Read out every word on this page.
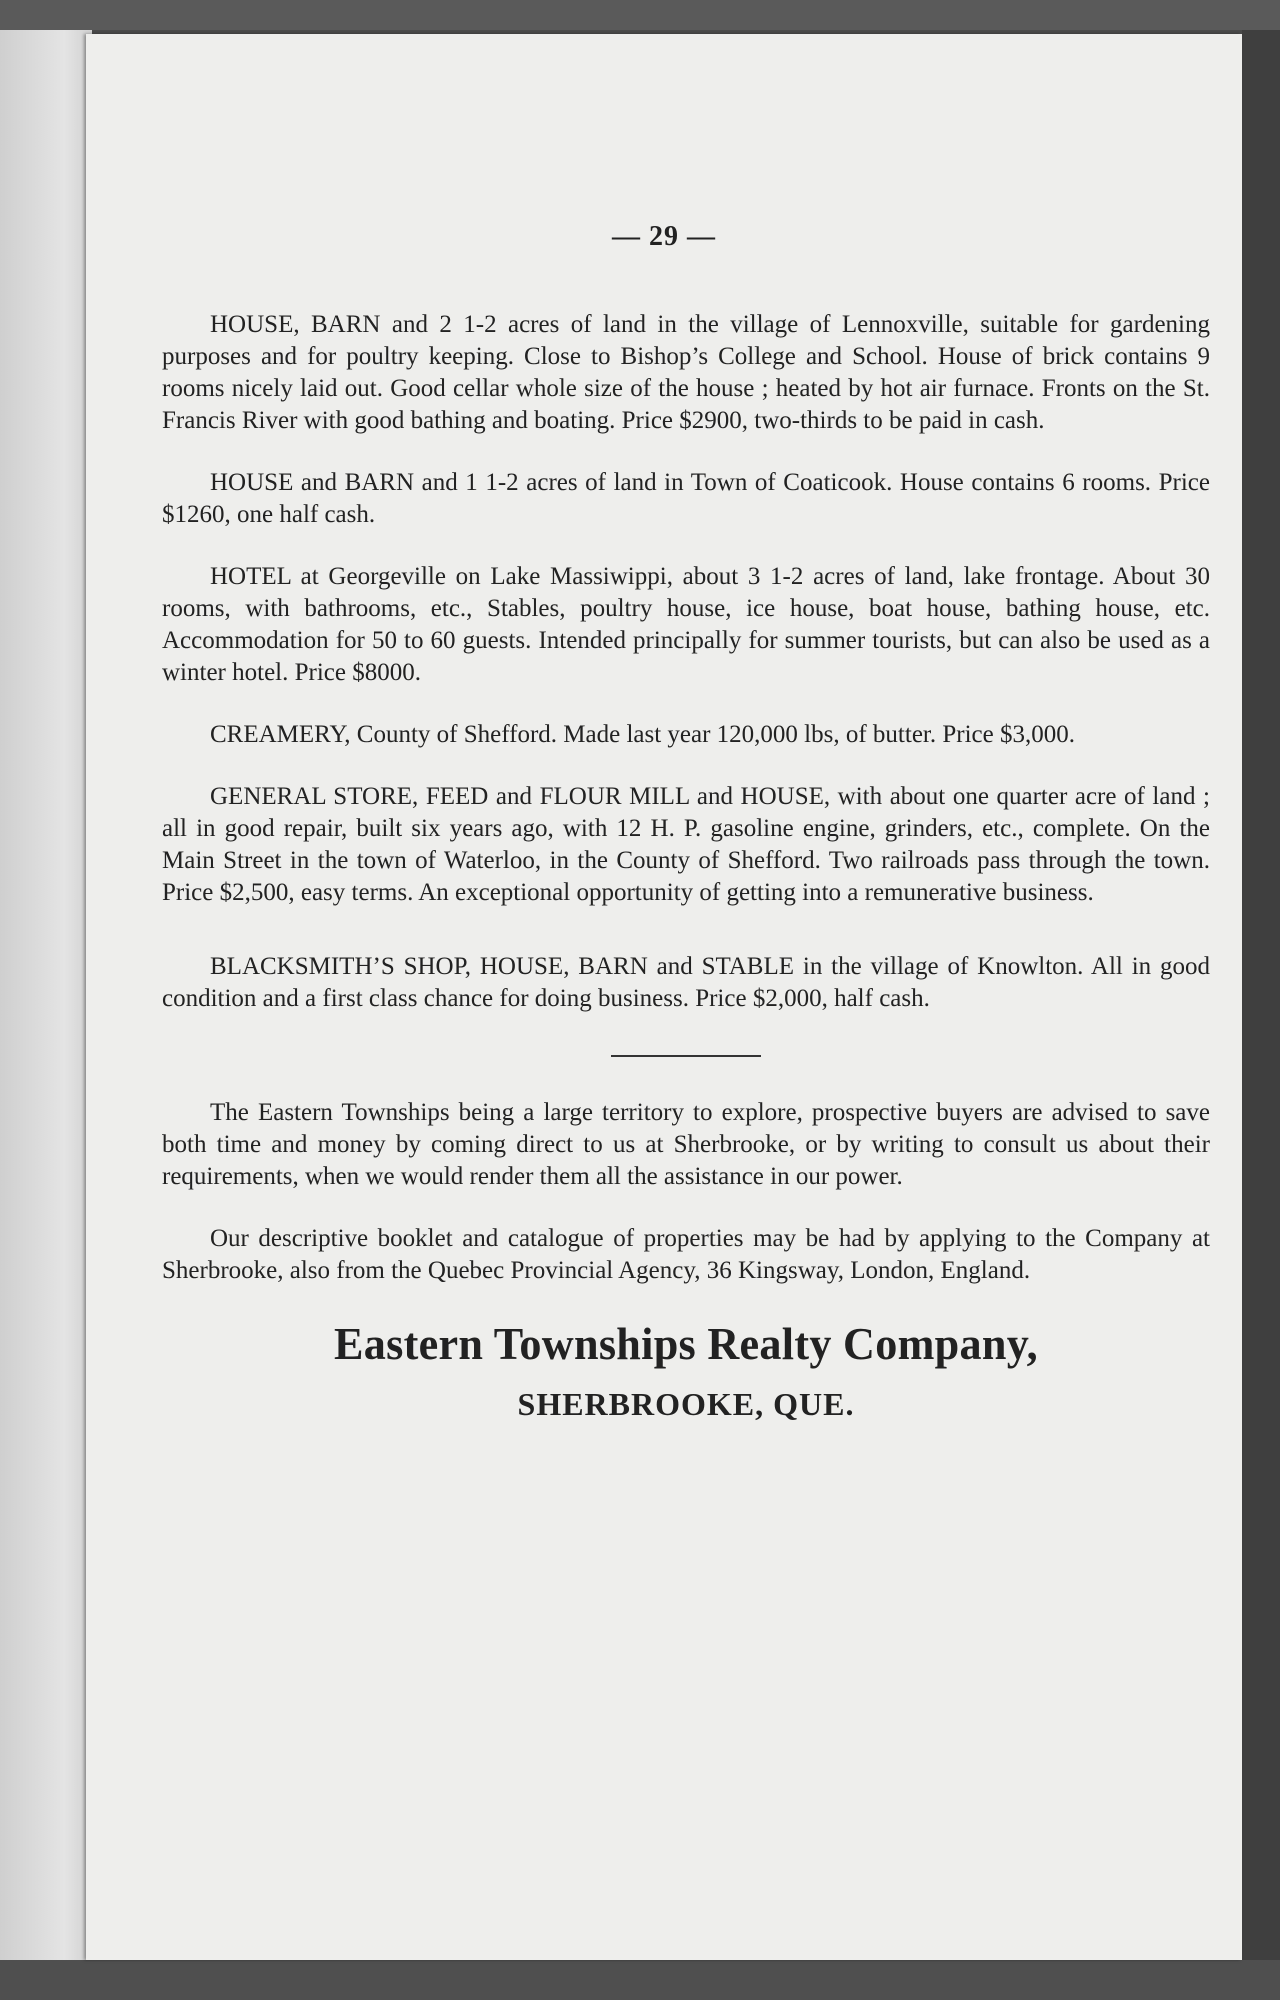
— 29 —

HOUSE, BARN and 2 1-2 acres of land in the village of Lennoxville, suitable for gardening purposes and for poultry keeping. Close to Bishop’s College and School. House of brick contains 9 rooms nicely laid out. Good cellar whole size of the house ; heated by hot air furnace. Fronts on the St. Francis River with good bathing and boating. Price $2900, two-thirds to be paid in cash.

HOUSE and BARN and 1 1-2 acres of land in Town of Coaticook. House contains 6 rooms. Price $1260, one half cash.

HOTEL at Georgeville on Lake Massiwippi, about 3 1-2 acres of land, lake frontage. About 30 rooms, with bathrooms, etc., Stables, poultry house, ice house, boat house, bathing house, etc. Accommodation for 50 to 60 guests. Intended principally for summer tourists, but can also be used as a winter hotel. Price $8000.

CREAMERY, County of Shefford. Made last year 120,000 lbs, of butter. Price $3,000.

GENERAL STORE, FEED and FLOUR MILL and HOUSE, with about one quarter acre of land ; all in good repair, built six years ago, with 12 H. P. gasoline engine, grinders, etc., complete. On the Main Street in the town of Waterloo, in the County of Shefford. Two railroads pass through the town. Price $2,500, easy terms. An exceptional opportunity of getting into a remunerative business.

BLACKSMITH’S SHOP, HOUSE, BARN and STABLE in the village of Knowlton. All in good condition and a first class chance for doing business. Price $2,000, half cash.

The Eastern Townships being a large territory to explore, prospective buyers are advised to save both time and money by coming direct to us at Sherbrooke, or by writing to consult us about their requirements, when we would render them all the assistance in our power.

Our descriptive booklet and catalogue of properties may be had by applying to the Company at Sherbrooke, also from the Quebec Provincial Agency, 36 Kingsway, London, England.

Eastern Townships Realty Company,
SHERBROOKE, QUE.
